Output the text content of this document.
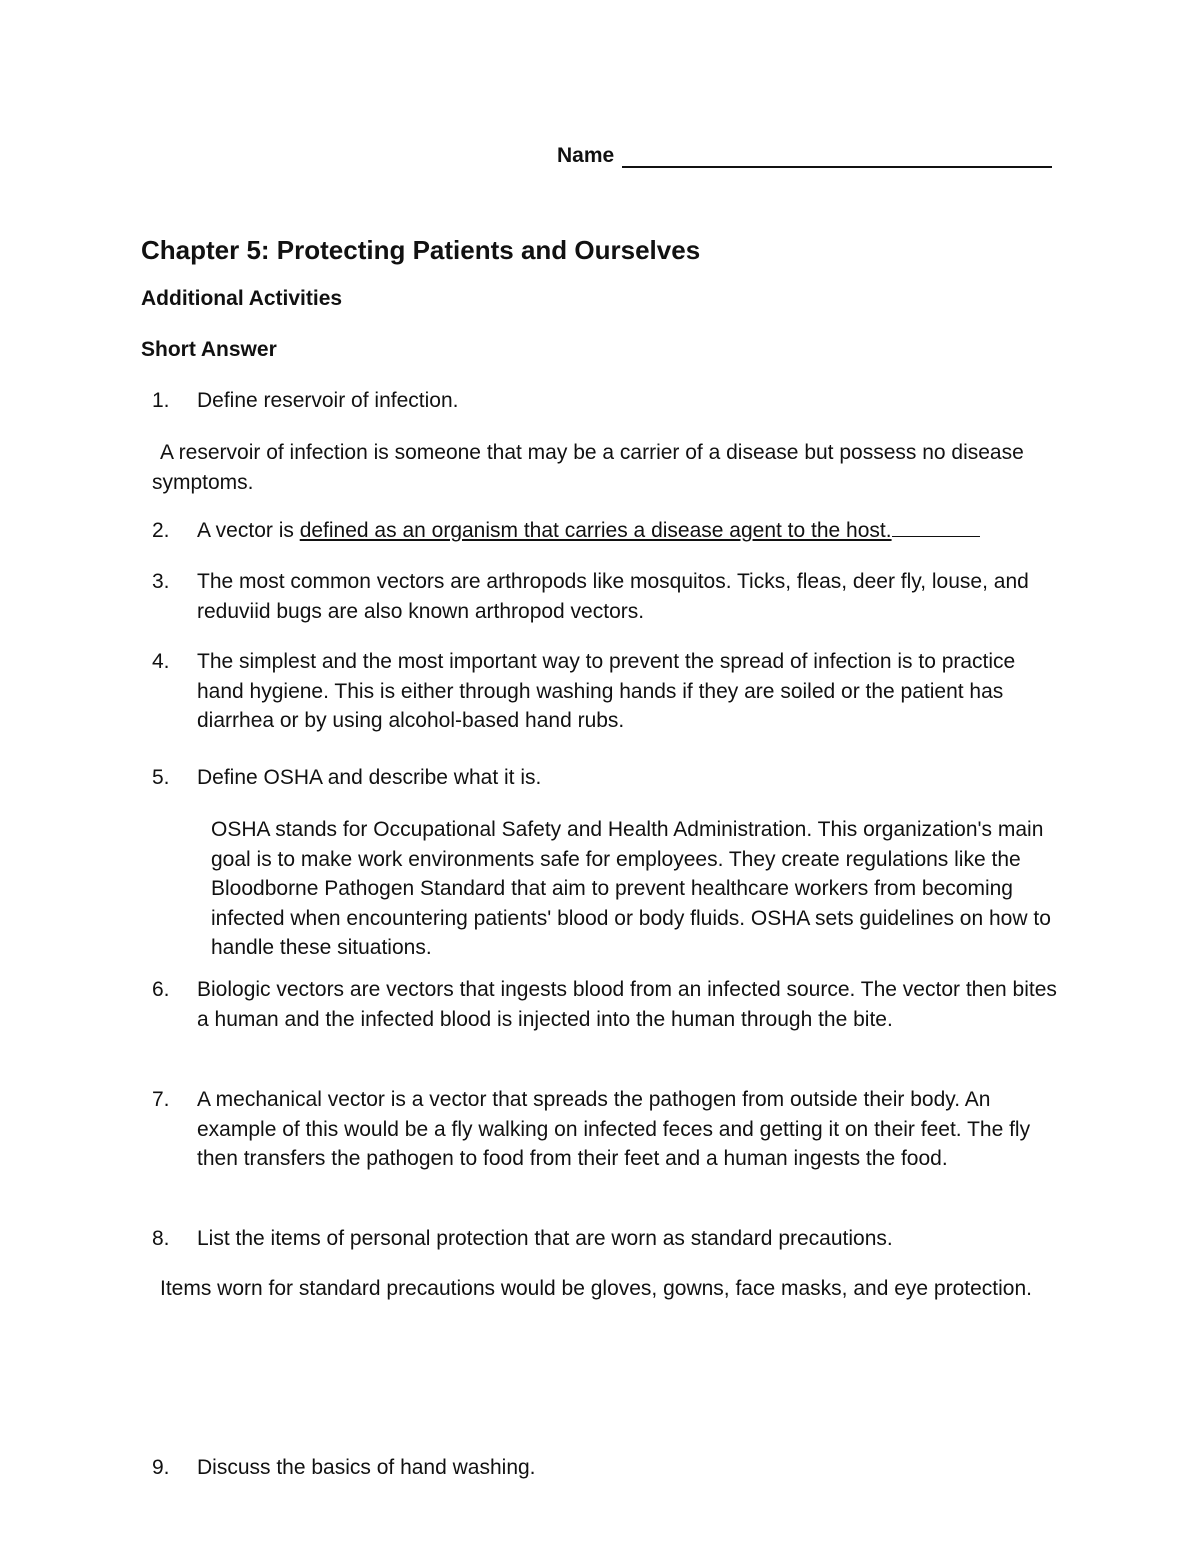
Name
Chapter 5: Protecting Patients and Ourselves
Additional Activities
Short Answer
1. Define reservoir of infection.
A reservoir of infection is someone that may be a carrier of a disease but possess no disease symptoms.
2. A vector is defined as an organism that carries a disease agent to the host.
3. The most common vectors are arthropods like mosquitos. Ticks, fleas, deer fly, louse, and reduviid bugs are also known arthropod vectors.
4. The simplest and the most important way to prevent the spread of infection is to practice hand hygiene. This is either through washing hands if they are soiled or the patient has diarrhea or by using alcohol-based hand rubs.
5. Define OSHA and describe what it is.
OSHA stands for Occupational Safety and Health Administration. This organization's main goal is to make work environments safe for employees. They create regulations like the Bloodborne Pathogen Standard that aim to prevent healthcare workers from becoming infected when encountering patients' blood or body fluids. OSHA sets guidelines on how to handle these situations.
6. Biologic vectors are vectors that ingests blood from an infected source. The vector then bites a human and the infected blood is injected into the human through the bite.
7. A mechanical vector is a vector that spreads the pathogen from outside their body. An example of this would be a fly walking on infected feces and getting it on their feet. The fly then transfers the pathogen to food from their feet and a human ingests the food.
8. List the items of personal protection that are worn as standard precautions.
Items worn for standard precautions would be gloves, gowns, face masks, and eye protection.
9. Discuss the basics of hand washing.
